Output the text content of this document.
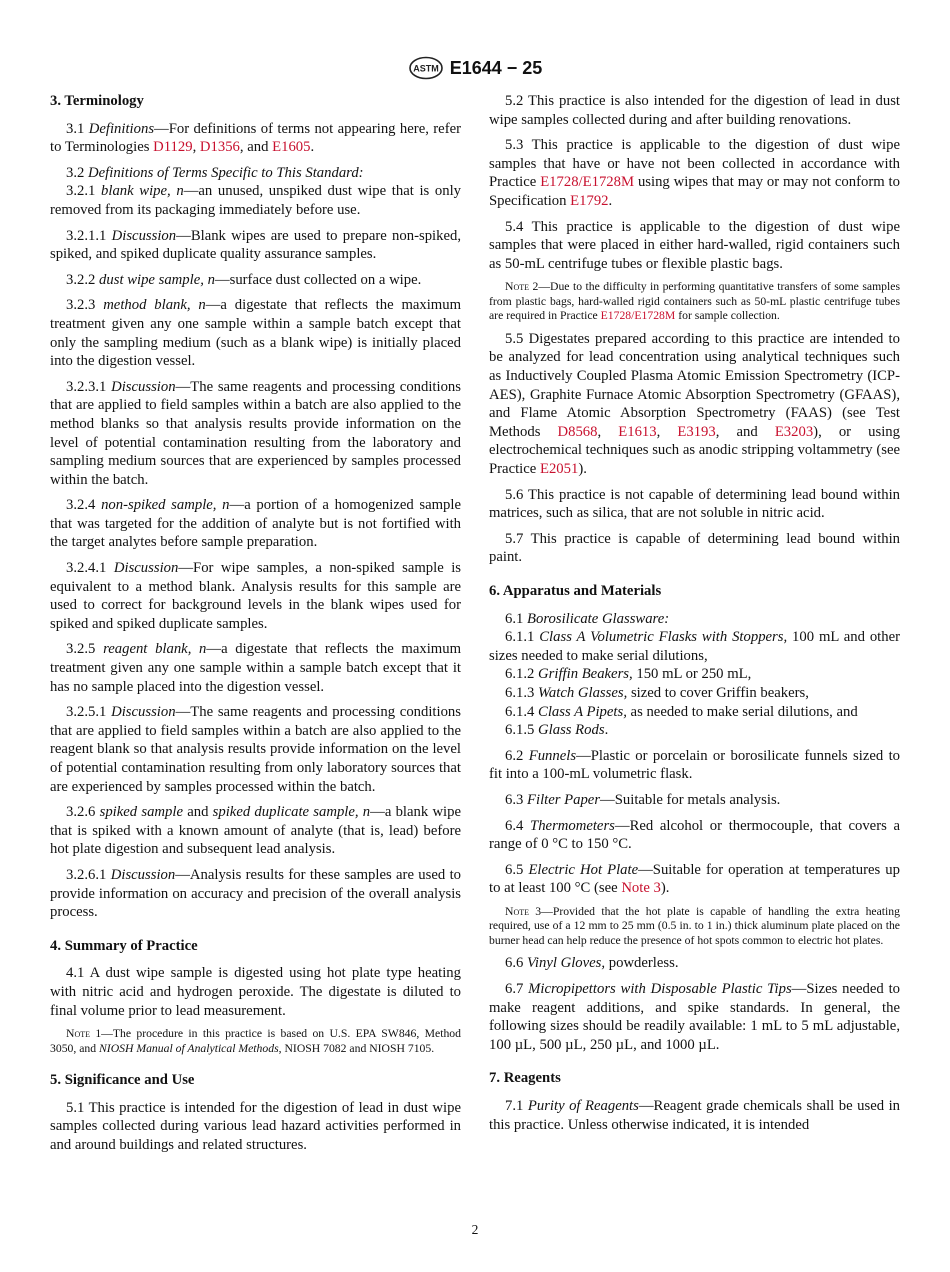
ASTM E1644 − 25
3. Terminology

3.1 Definitions—For definitions of terms not appearing here, refer to Terminologies D1129, D1356, and E1605.

3.2 Definitions of Terms Specific to This Standard:

3.2.1 blank wipe, n—an unused, unspiked dust wipe that is only removed from its packaging immediately before use.

3.2.1.1 Discussion—Blank wipes are used to prepare non-spiked, spiked, and spiked duplicate quality assurance samples.

3.2.2 dust wipe sample, n—surface dust collected on a wipe.

3.2.3 method blank, n—a digestate that reflects the maximum treatment given any one sample within a sample batch except that only the sampling medium (such as a blank wipe) is initially placed into the digestion vessel.

3.2.3.1 Discussion—The same reagents and processing conditions that are applied to field samples within a batch are also applied to the method blanks so that analysis results provide information on the level of potential contamination resulting from the laboratory and sampling medium sources that are experienced by samples processed within the batch.

3.2.4 non-spiked sample, n—a portion of a homogenized sample that was targeted for the addition of analyte but is not fortified with the target analytes before sample preparation.

3.2.4.1 Discussion—For wipe samples, a non-spiked sample is equivalent to a method blank. Analysis results for this sample are used to correct for background levels in the blank wipes used for spiked and spiked duplicate samples.

3.2.5 reagent blank, n—a digestate that reflects the maximum treatment given any one sample within a sample batch except that it has no sample placed into the digestion vessel.

3.2.5.1 Discussion—The same reagents and processing conditions that are applied to field samples within a batch are also applied to the reagent blank so that analysis results provide information on the level of potential contamination resulting from only laboratory sources that are experienced by samples processed within the batch.

3.2.6 spiked sample and spiked duplicate sample, n—a blank wipe that is spiked with a known amount of analyte (that is, lead) before hot plate digestion and subsequent lead analysis.

3.2.6.1 Discussion—Analysis results for these samples are used to provide information on accuracy and precision of the overall analysis process.

4. Summary of Practice

4.1 A dust wipe sample is digested using hot plate type heating with nitric acid and hydrogen peroxide. The digestate is diluted to final volume prior to lead measurement.

Note 1—The procedure in this practice is based on U.S. EPA SW846, Method 3050, and NIOSH Manual of Analytical Methods, NIOSH 7082 and NIOSH 7105.

5. Significance and Use

5.1 This practice is intended for the digestion of lead in dust wipe samples collected during various lead hazard activities performed in and around buildings and related structures.

5.2 This practice is also intended for the digestion of lead in dust wipe samples collected during and after building renovations.

5.3 This practice is applicable to the digestion of dust wipe samples that have or have not been collected in accordance with Practice E1728/E1728M using wipes that may or may not conform to Specification E1792.

5.4 This practice is applicable to the digestion of dust wipe samples that were placed in either hard-walled, rigid containers such as 50-mL centrifuge tubes or flexible plastic bags.

Note 2—Due to the difficulty in performing quantitative transfers of some samples from plastic bags, hard-walled rigid containers such as 50-mL plastic centrifuge tubes are required in Practice E1728/E1728M for sample collection.

5.5 Digestates prepared according to this practice are intended to be analyzed for lead concentration using analytical techniques such as Inductively Coupled Plasma Atomic Emission Spectrometry (ICP-AES), Graphite Furnace Atomic Absorption Spectrometry (GFAAS), and Flame Atomic Absorption Spectrometry (FAAS) (see Test Methods D8568, E1613, E3193, and E3203), or using electrochemical techniques such as anodic stripping voltammetry (see Practice E2051).

5.6 This practice is not capable of determining lead bound within matrices, such as silica, that are not soluble in nitric acid.

5.7 This practice is capable of determining lead bound within paint.

6. Apparatus and Materials

6.1 Borosilicate Glassware:

6.1.1 Class A Volumetric Flasks with Stoppers, 100 mL and other sizes needed to make serial dilutions,

6.1.2 Griffin Beakers, 150 mL or 250 mL,

6.1.3 Watch Glasses, sized to cover Griffin beakers,

6.1.4 Class A Pipets, as needed to make serial dilutions, and

6.1.5 Glass Rods.

6.2 Funnels—Plastic or porcelain or borosilicate funnels sized to fit into a 100-mL volumetric flask.

6.3 Filter Paper—Suitable for metals analysis.

6.4 Thermometers—Red alcohol or thermocouple, that covers a range of 0 °C to 150 °C.

6.5 Electric Hot Plate—Suitable for operation at temperatures up to at least 100 °C (see Note 3).

Note 3—Provided that the hot plate is capable of handling the extra heating required, use of a 12 mm to 25 mm (0.5 in. to 1 in.) thick aluminum plate placed on the burner head can help reduce the presence of hot spots common to electric hot plates.

6.6 Vinyl Gloves, powderless.

6.7 Micropipettors with Disposable Plastic Tips—Sizes needed to make reagent additions, and spike standards. In general, the following sizes should be readily available: 1 mL to 5 mL adjustable, 100 µL, 500 µL, 250 µL, and 1000 µL.

7. Reagents

7.1 Purity of Reagents—Reagent grade chemicals shall be used in this practice. Unless otherwise indicated, it is intended

2
